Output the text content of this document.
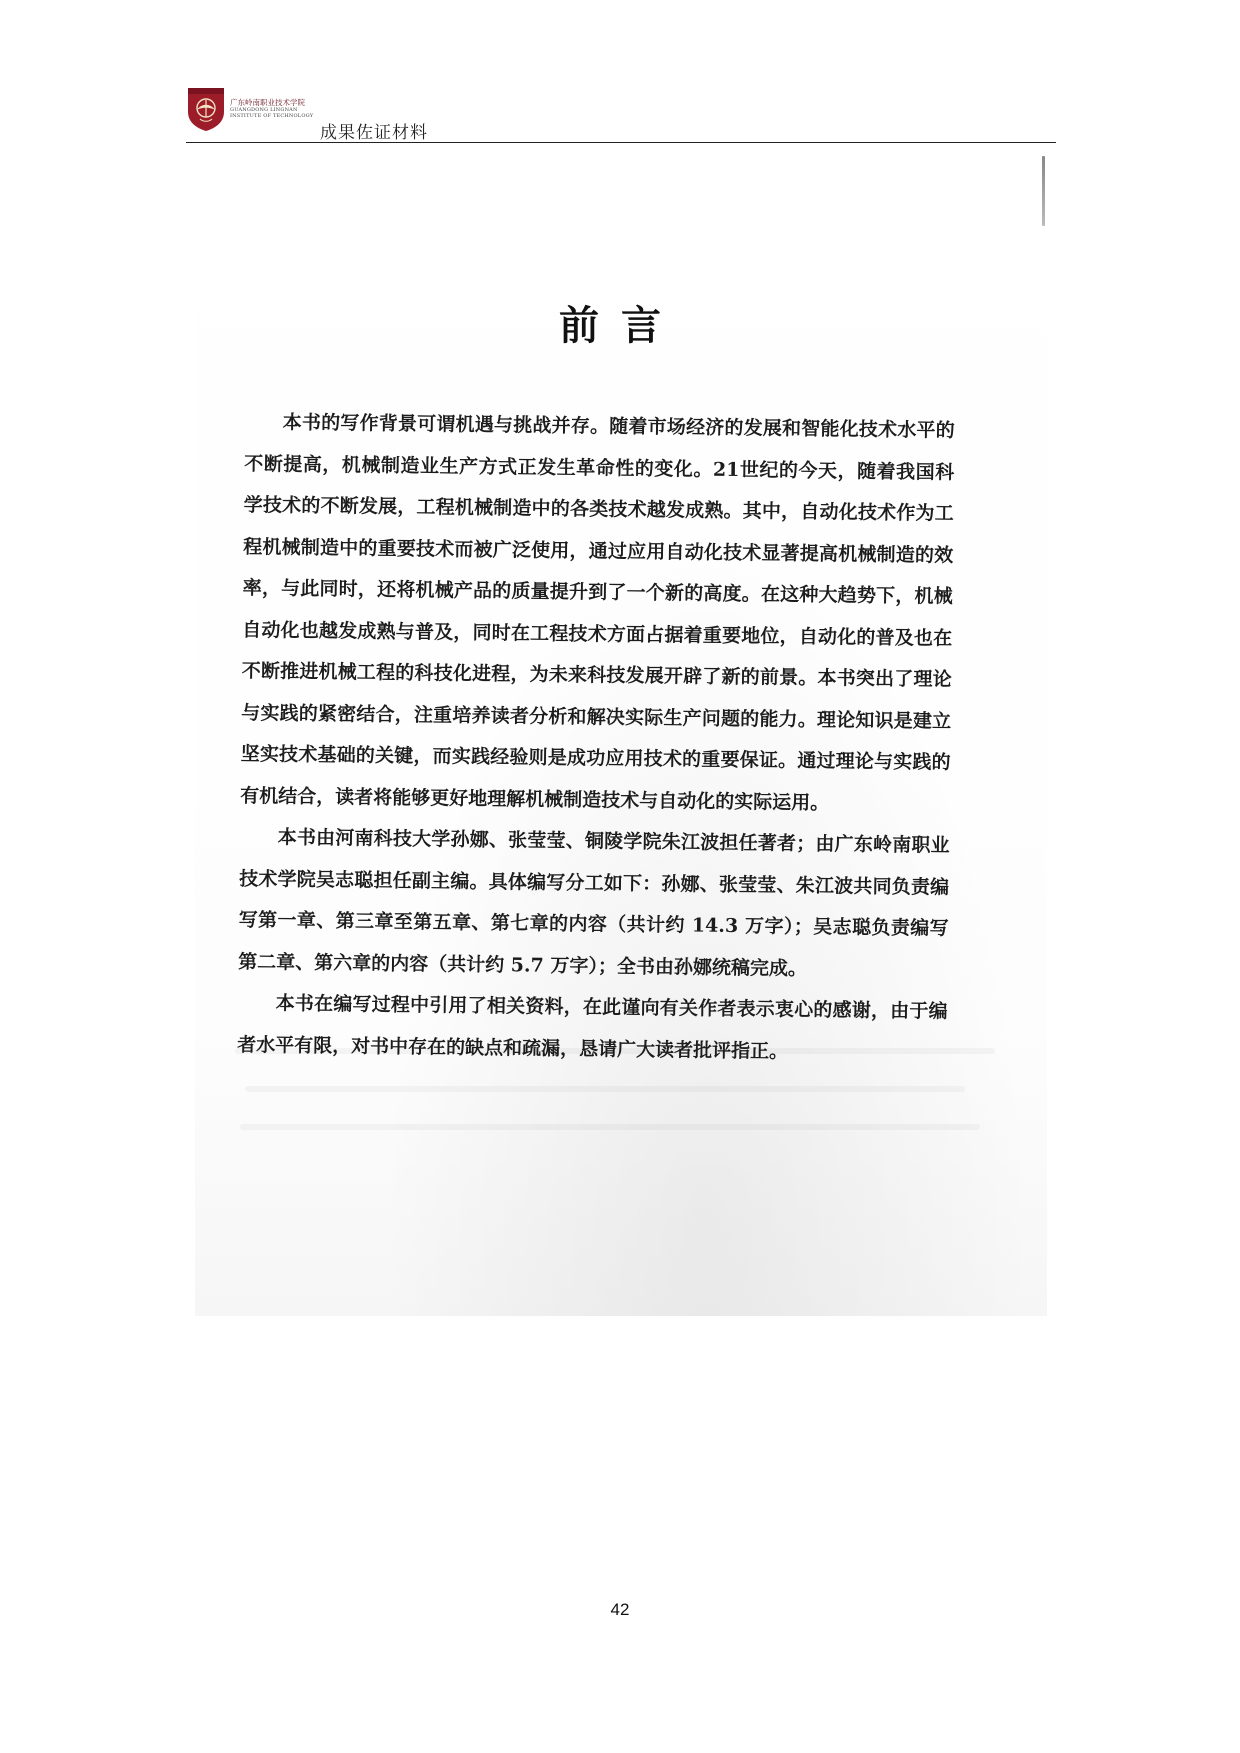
广东岭南职业技术学院
GUANGDONG LINGNAN
INSTITUTE OF TECHNOLOGY
成果佐证材料
前言

本书的写作背景可谓机遇与挑战并存。随着市场经济的发展和智能化技术水平的不断提高，机械制造业生产方式正发生革命性的变化。21世纪的今天，随着我国科学技术的不断发展，工程机械制造中的各类技术越发成熟。其中，自动化技术作为工程机械制造中的重要技术而被广泛使用，通过应用自动化技术显著提高机械制造的效率，与此同时，还将机械产品的质量提升到了一个新的高度。在这种大趋势下，机械自动化也越发成熟与普及，同时在工程技术方面占据着重要地位，自动化的普及也在不断推进机械工程的科技化进程，为未来科技发展开辟了新的前景。本书突出了理论与实践的紧密结合，注重培养读者分析和解决实际生产问题的能力。理论知识是建立坚实技术基础的关键，而实践经验则是成功应用技术的重要保证。通过理论与实践的有机结合，读者将能够更好地理解机械制造技术与自动化的实际运用。

本书由河南科技大学孙娜、张莹莹、铜陵学院朱江波担任著者；由广东岭南职业技术学院吴志聪担任副主编。具体编写分工如下：孙娜、张莹莹、朱江波共同负责编写第一章、第三章至第五章、第七章的内容（共计约 14.3 万字）；吴志聪负责编写第二章、第六章的内容（共计约 5.7 万字）；全书由孙娜统稿完成。

本书在编写过程中引用了相关资料，在此谨向有关作者表示衷心的感谢，由于编者水平有限，对书中存在的缺点和疏漏，恳请广大读者批评指正。

42
